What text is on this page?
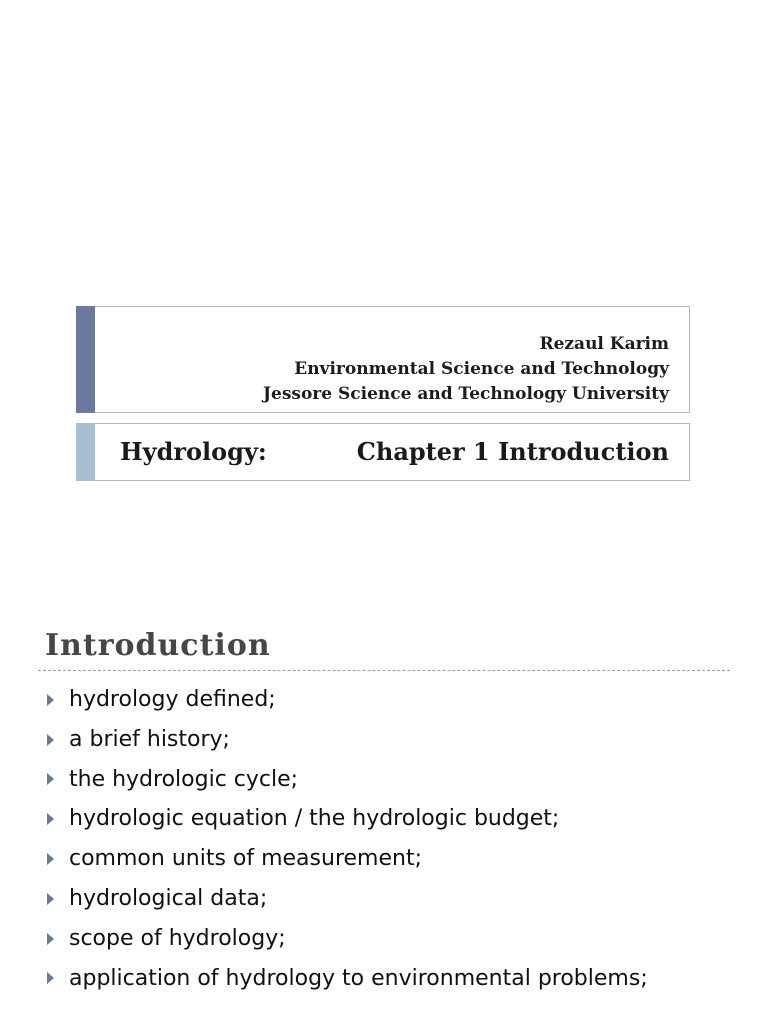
Rezaul Karim
Environmental Science and Technology
Jessore Science and Technology University
Hydrology:	Chapter 1 Introduction
Introduction
hydrology defined;
a brief history;
the hydrologic cycle;
hydrologic equation / the hydrologic budget;
common units of measurement;
hydrological data;
scope of hydrology;
application of hydrology to environmental problems;
